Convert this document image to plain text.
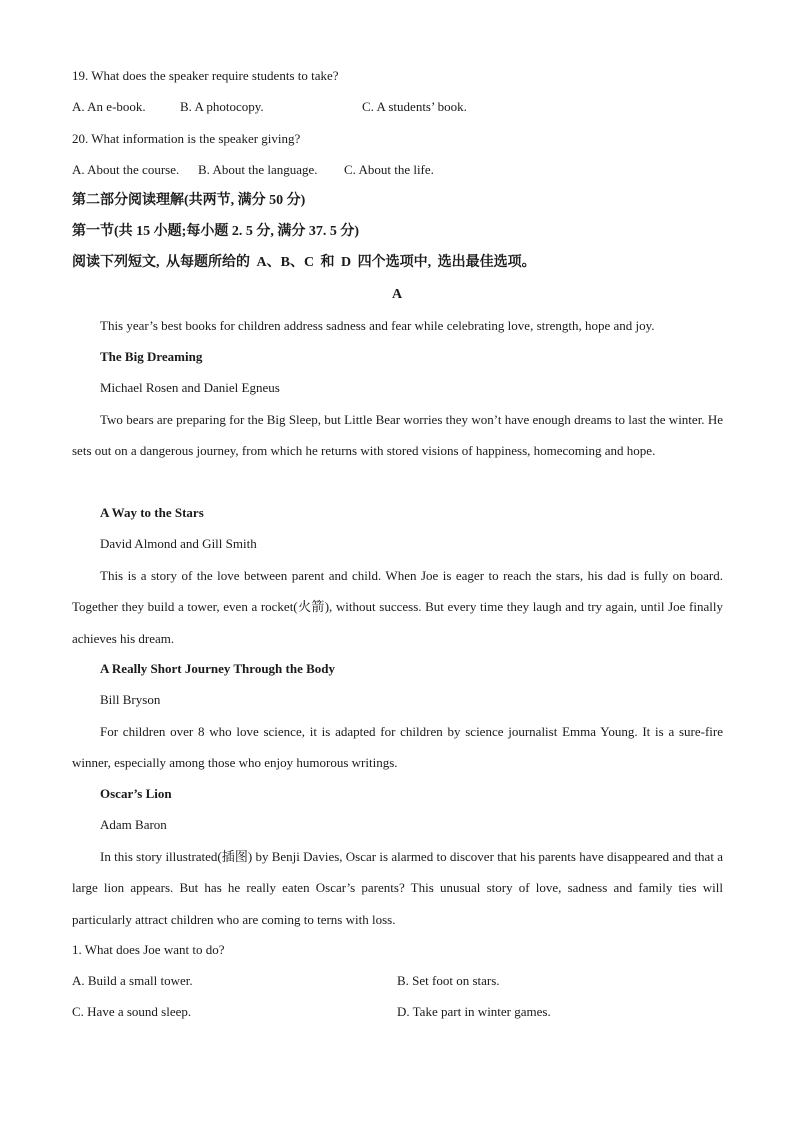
19. What does the speaker require students to take?
A. An e-book.	B. A photocopy.	C. A students’ book.
20. What information is the speaker giving?
A. About the course. B. About the language. C. About the life.
第二部分阅读理解(共两节, 满分 50 分)
第一节(共 15 小题;每小题 2. 5 分, 满分 37. 5 分)
阅读下列短文, 从每题所给的 A、B、C 和 D 四个选项中, 选出最佳选项。
A
This year’s best books for children address sadness and fear while celebrating love, strength, hope and joy.
The Big Dreaming
Michael Rosen and Daniel Egneus
Two bears are preparing for the Big Sleep, but Little Bear worries they won’t have enough dreams to last the winter. He sets out on a dangerous journey, from which he returns with stored visions of happiness, homecoming and hope.
A Way to the Stars
David Almond and Gill Smith
This is a story of the love between parent and child. When Joe is eager to reach the stars, his dad is fully on board. Together they build a tower, even a rocket(火箭), without success. But every time they laugh and try again, until Joe finally achieves his dream.
A Really Short Journey Through the Body
Bill Bryson
For children over 8 who love science, it is adapted for children by science journalist Emma Young. It is a sure-fire winner, especially among those who enjoy humorous writings.
Oscar’s Lion
Adam Baron
In this story illustrated(插图) by Benji Davies, Oscar is alarmed to discover that his parents have disappeared and that a large lion appears. But has he really eaten Oscar’s parents? This unusual story of love, sadness and family ties will particularly attract children who are coming to terns with loss.
1. What does Joe want to do?
A. Build a small tower.	B. Set foot on stars.
C. Have a sound sleep.	D. Take part in winter games.
